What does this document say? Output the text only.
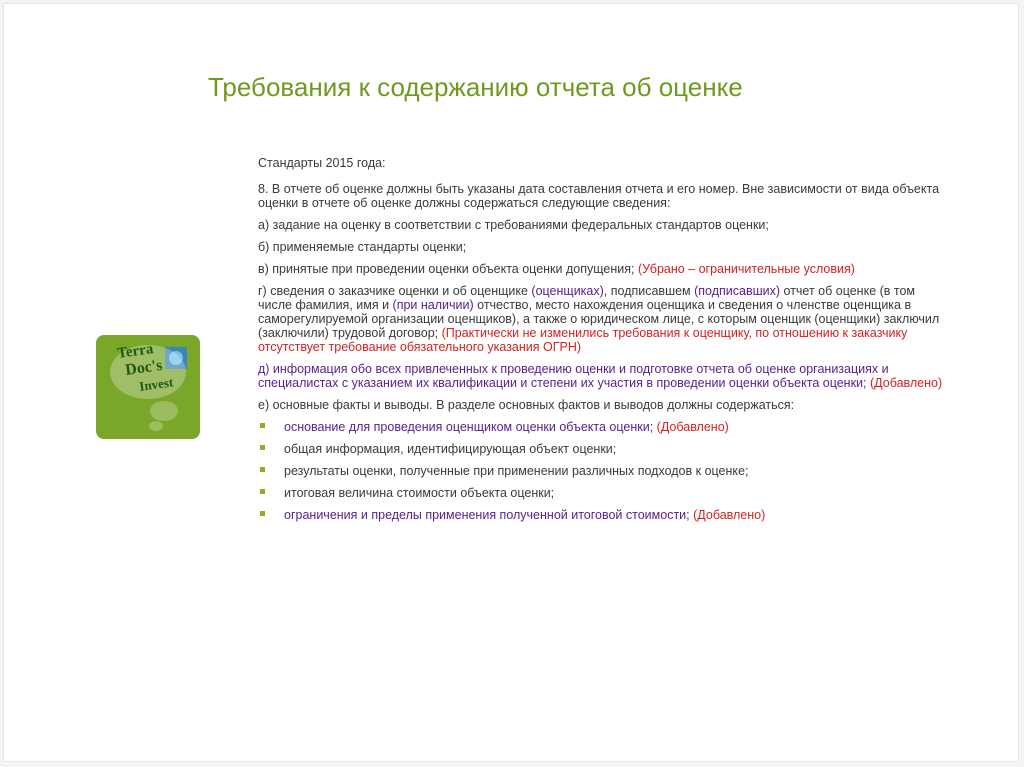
Требования к содержанию отчета об оценке
Terra
Doc's
Invest

Стандарты 2015 года:

8. В отчете об оценке должны быть указаны дата составления отчета и его номер. Вне зависимости от вида объекта оценки в отчете об оценке должны содержаться следующие сведения:

а) задание на оценку в соответствии с требованиями федеральных стандартов оценки;

б) применяемые стандарты оценки;

в) принятые при проведении оценки объекта оценки допущения; (Убрано – ограничительные условия)

г) сведения о заказчике оценки и об оценщике (оценщиках), подписавшем (подписавших) отчет об оценке (в том числе фамилия, имя и (при наличии) отчество, место нахождения оценщика и сведения о членстве оценщика в саморегулируемой организации оценщиков), а также о юридическом лице, с которым оценщик (оценщики) заключил (заключили) трудовой договор; (Практически не изменились требования к оценщику, по отношению к заказчику отсутствует требование обязательного указания ОГРН)

д) информация обо всех привлеченных к проведению оценки и подготовке отчета об оценке организациях и специалистах с указанием их квалификации и степени их участия в проведении оценки объекта оценки; (Добавлено)

е) основные факты и выводы. В разделе основных фактов и выводов должны содержаться:

основание для проведения оценщиком оценки объекта оценки; (Добавлено)
общая информация, идентифицирующая объект оценки;
результаты оценки, полученные при применении различных подходов к оценке;
итоговая величина стоимости объекта оценки;
ограничения и пределы применения полученной итоговой стоимости; (Добавлено)
